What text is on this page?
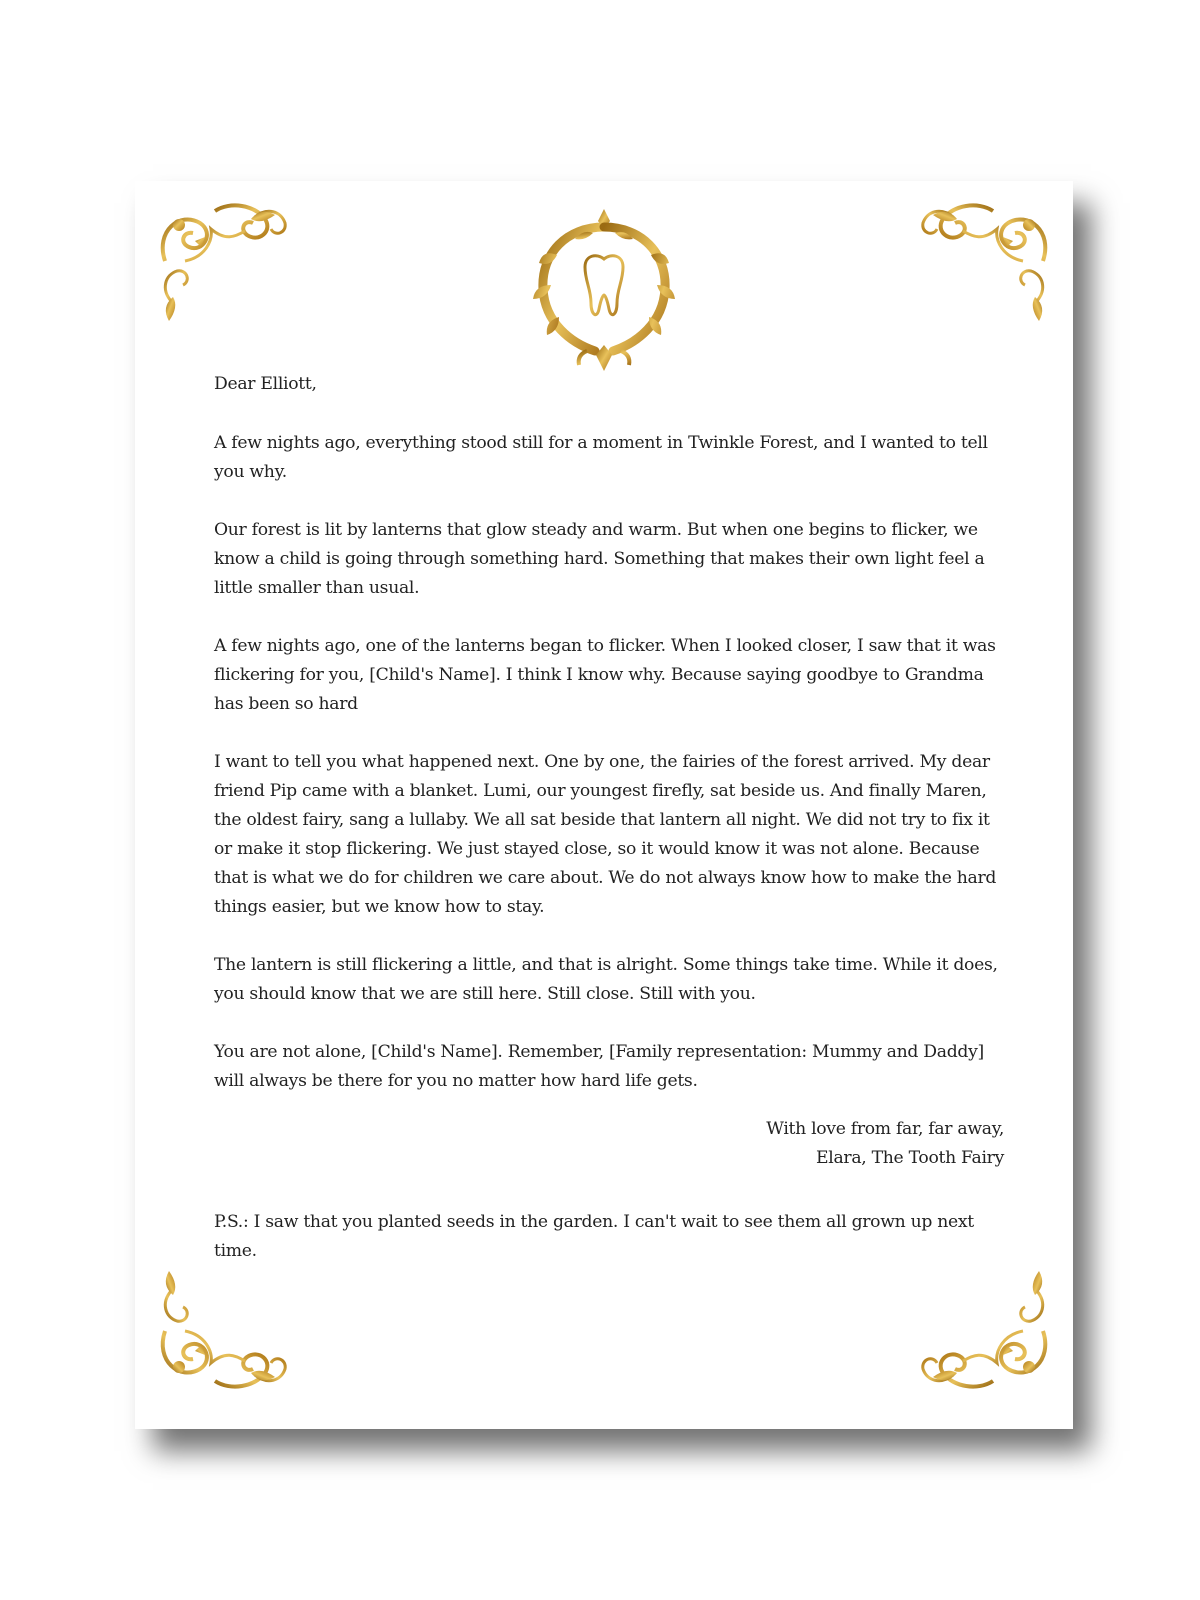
Dear Elliott,

A few nights ago, everything stood still for a moment in Twinkle Forest, and I wanted to tell you why.

Our forest is lit by lanterns that glow steady and warm. But when one begins to flicker, we know a child is going through something hard. Something that makes their own light feel a little smaller than usual.

A few nights ago, one of the lanterns began to flicker. When I looked closer, I saw that it was flickering for you, [Child's Name]. I think I know why. Because saying goodbye to Grandma has been so hard

I want to tell you what happened next. One by one, the fairies of the forest arrived. My dear friend Pip came with a blanket. Lumi, our youngest firefly, sat beside us. And finally Maren, the oldest fairy, sang a lullaby. We all sat beside that lantern all night. We did not try to fix it or make it stop flickering. We just stayed close, so it would know it was not alone. Because that is what we do for children we care about. We do not always know how to make the hard things easier, but we know how to stay.

The lantern is still flickering a little, and that is alright. Some things take time. While it does, you should know that we are still here. Still close. Still with you.

You are not alone, [Child's Name]. Remember, [Family representation: Mummy and Daddy] will always be there for you no matter how hard life gets.

With love from far, far away,
Elara, The Tooth Fairy

P.S.: I saw that you planted seeds in the garden. I can't wait to see them all grown up next time.
